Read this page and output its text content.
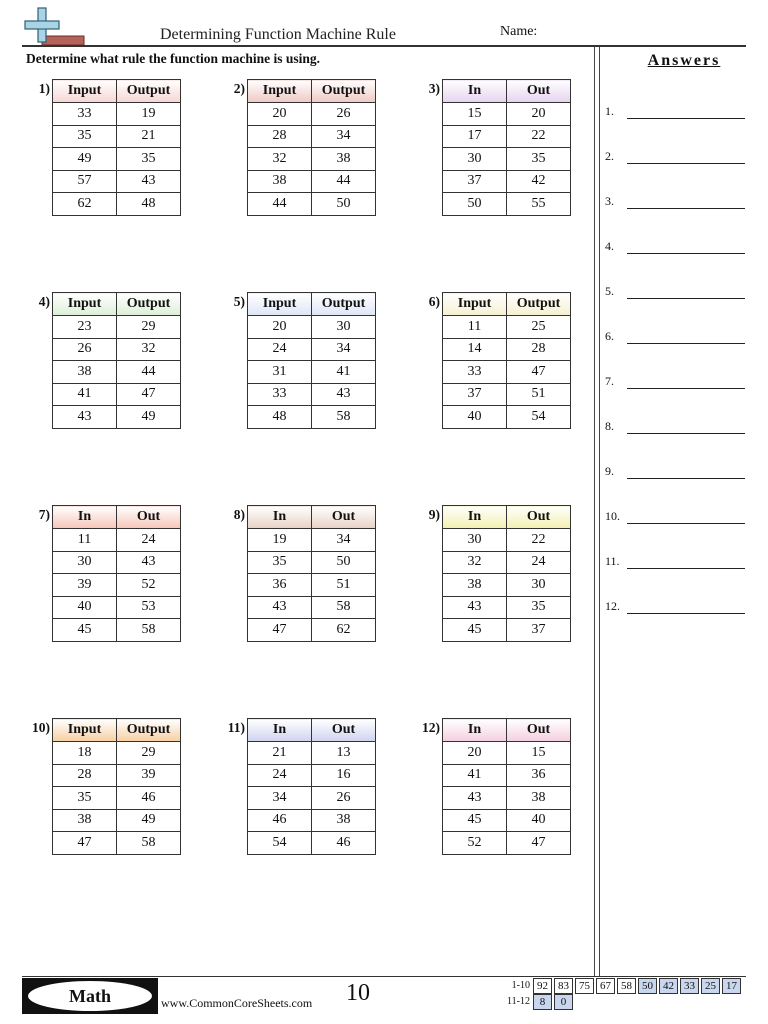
Determining Function Machine Rule	Name:
Determine what rule the function machine is using.
1) Input	Output
33	19
35	21
49	35
57	43
62	48
2) Input	Output
20	26
28	34
32	38
38	44
44	50
3) In	Out
15	20
17	22
30	35
37	42
50	55
4) Input	Output
23	29
26	32
38	44
41	47
43	49
5) Input	Output
20	30
24	34
31	41
33	43
48	58
6) Input	Output
11	25
14	28
33	47
37	51
40	54
7) In	Out
11	24
30	43
39	52
40	53
45	58
8) In	Out
19	34
35	50
36	51
43	58
47	62
9) In	Out
30	22
32	24
38	30
43	35
45	37
10) Input	Output
18	29
28	39
35	46
38	49
47	58
11) In	Out
21	13
24	16
34	26
46	38
54	46
12) In	Out
20	15
41	36
43	38
45	40
52	47
Answers
1.
2.
3.
4.
5.
6.
7.
8.
9.
10.
11.
12.
Math	www.CommonCoreSheets.com 10	1-10 92 83 75 67 58 50 42 33 25 17
11-12 8	0
